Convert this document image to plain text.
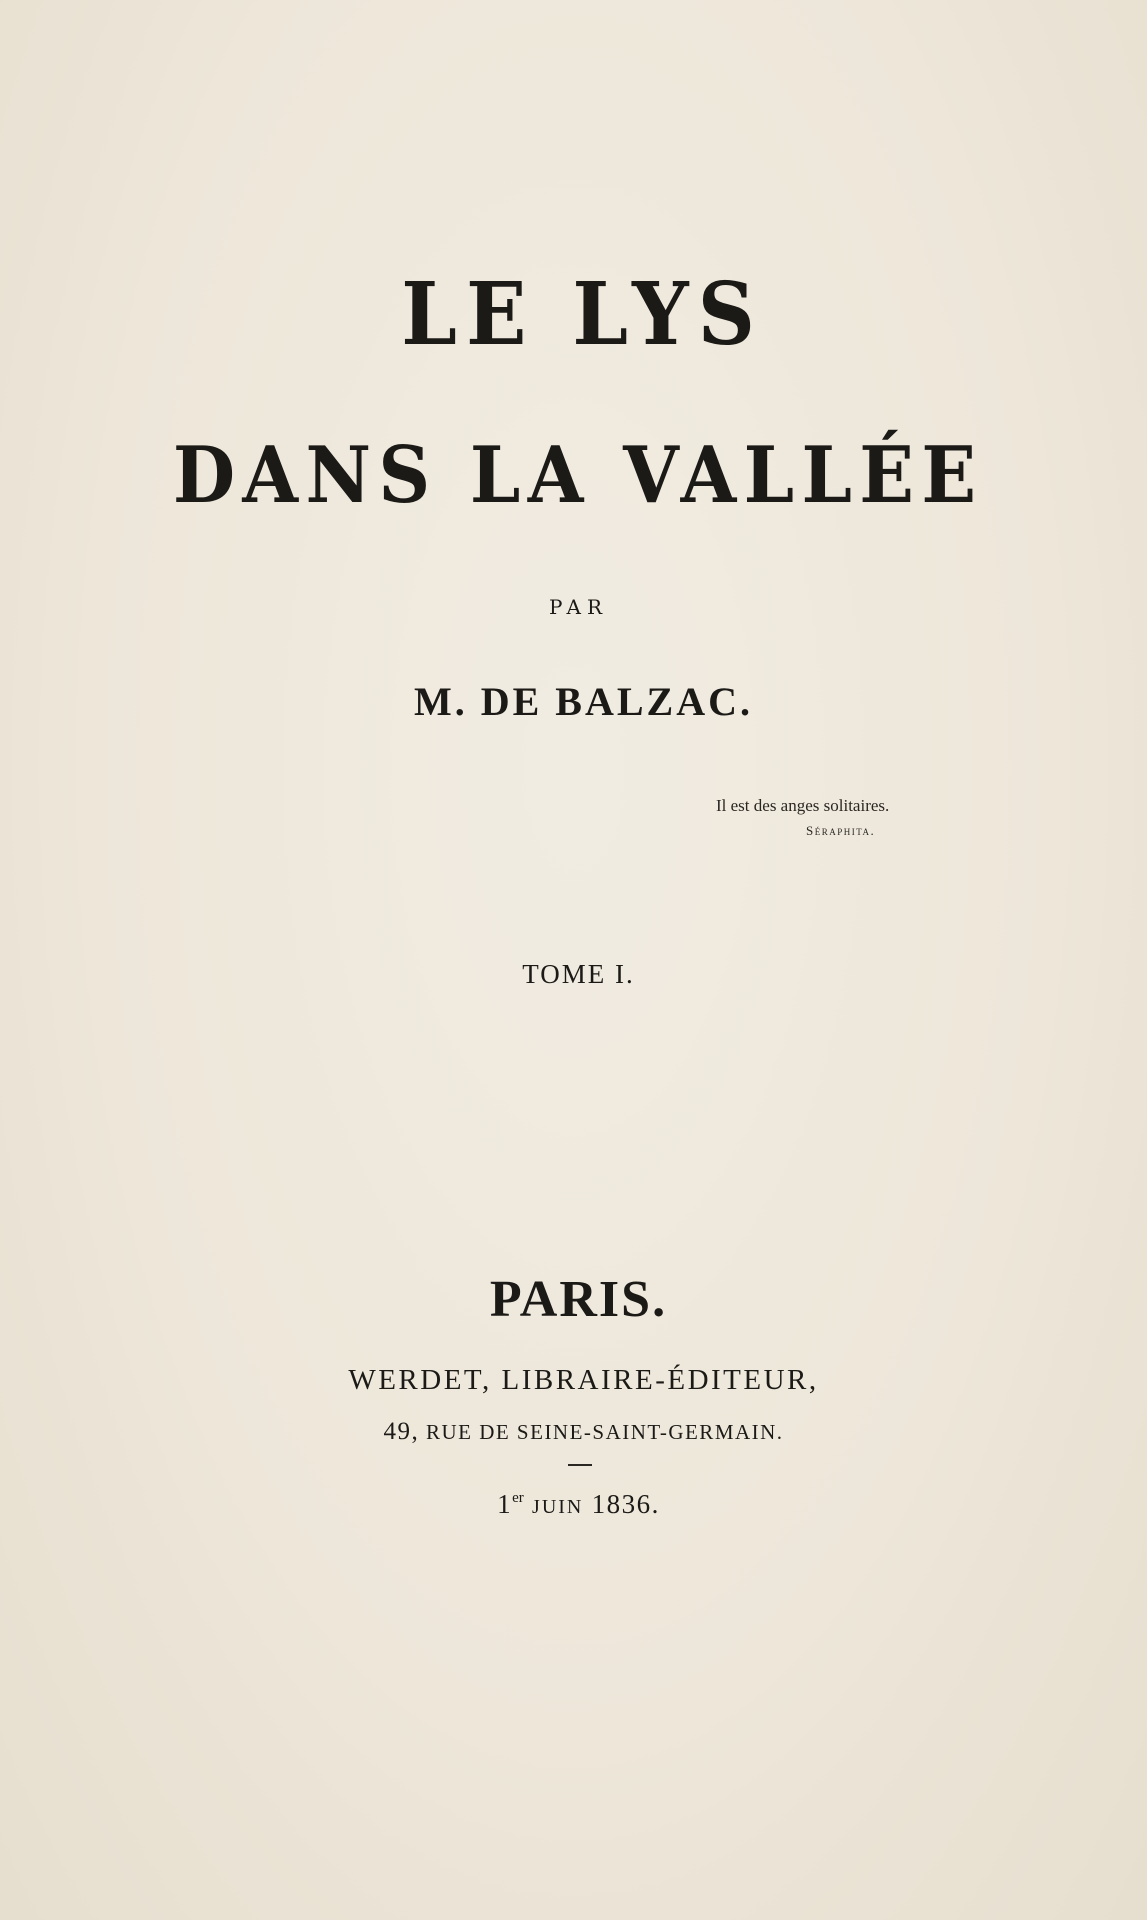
LE LYS
DANS LA VALLÉE
PAR
M. DE BALZAC.
Il est des anges solitaires.
Séraphita.
TOME I.
PARIS.
WERDET, LIBRAIRE-ÉDITEUR,
49, RUE DE SEINE-SAINT-GERMAIN.
1er JUIN 1836.
